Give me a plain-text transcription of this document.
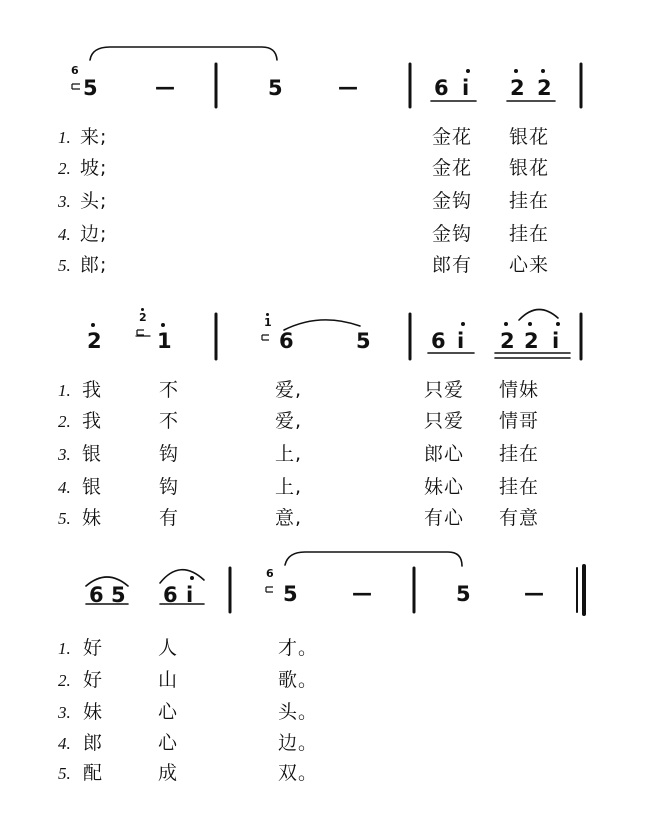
6
5	—	5	—	6 i 2 2
1. 来;	金花 银花
2. 坡;	金花 银花
3. 头;	金钩 挂在
4. 边;	金钩 挂在
5. 郎;	郎有 心来
2	1
2	1	6	5	6 i 2 2 i
1. 我	不	爱,	只爱 情妹
2. 我	不	爱,	只爱 情哥
3. 银	钩	上,	郎心 挂在
4. 银	钩	上,	妹心 挂在
5. 妹	有	意,	有心 有意
6
6 5 6 i	5	—	5	—
1. 好	人	才。
2. 好	山	歌。
3. 妹	心	头。
4. 郎	心	边。
5. 配	成	双。
